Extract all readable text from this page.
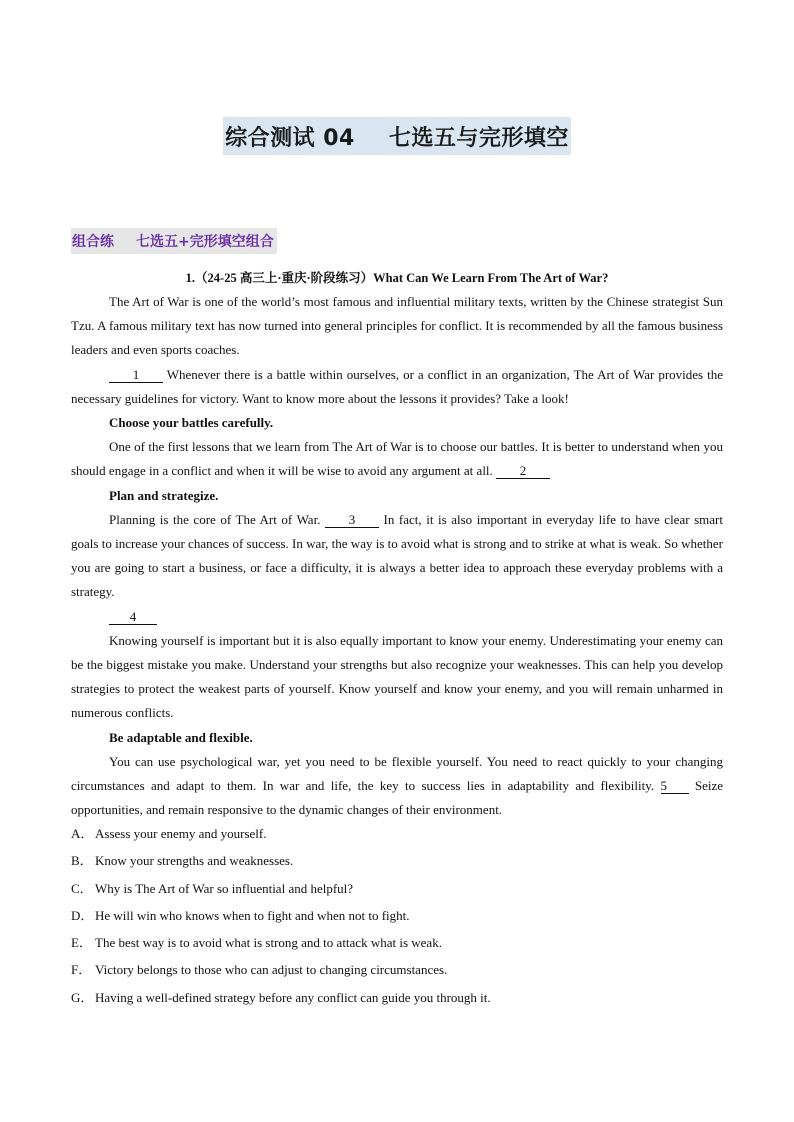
综合测试 04 七选五与完形填空
组合练 七选五+完形填空组合
1.（24-25 高三上·重庆·阶段练习）What Can We Learn From The Art of War?

The Art of War is one of the world’s most famous and influential military texts, written by the Chinese strategist Sun Tzu. A famous military text has now turned into general principles for conflict. It is recommended by all the famous business leaders and even sports coaches.

1 Whenever there is a battle within ourselves, or a conflict in an organization, The Art of War provides the necessary guidelines for victory. Want to know more about the lessons it provides? Take a look!

Choose your battles carefully.

One of the first lessons that we learn from The Art of War is to choose our battles. It is better to understand when you should engage in a conflict and when it will be wise to avoid any argument at all. 2

Plan and strategize.

Planning is the core of The Art of War. 3 In fact, it is also important in everyday life to have clear smart goals to increase your chances of success. In war, the way is to avoid what is strong and to strike at what is weak. So whether you are going to start a business, or face a difficulty, it is always a better idea to approach these everyday problems with a strategy.

4

Knowing yourself is important but it is also equally important to know your enemy. Underestimating your enemy can be the biggest mistake you make. Understand your strengths but also recognize your weaknesses. This can help you develop strategies to protect the weakest parts of yourself. Know yourself and know your enemy, and you will remain unharmed in numerous conflicts.

Be adaptable and flexible.

You can use psychological war, yet you need to be flexible yourself. You need to react quickly to your changing circumstances and adapt to them. In war and life, the key to success lies in adaptability and flexibility. 5 Seize opportunities, and remain responsive to the dynamic changes of their environment.

A． Assess your enemy and yourself.
B． Know your strengths and weaknesses.
C． Why is The Art of War so influential and helpful?
D． He will win who knows when to fight and when not to fight.
E． The best way is to avoid what is strong and to attack what is weak.
F． Victory belongs to those who can adjust to changing circumstances.
G． Having a well-defined strategy before any conflict can guide you through it.
